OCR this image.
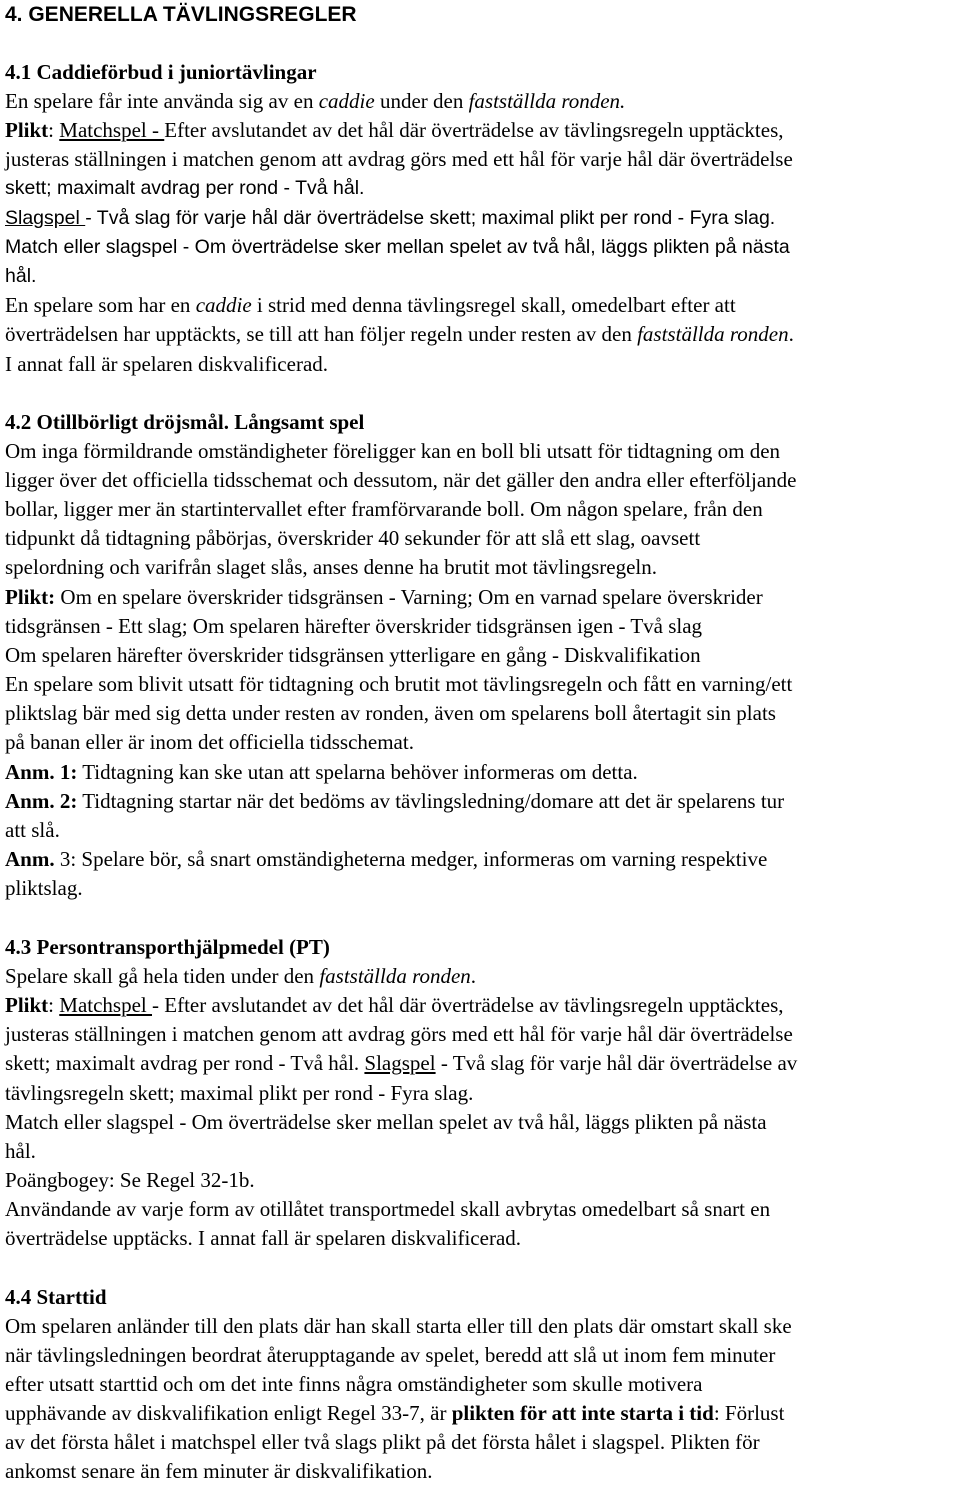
4. GENERELLA TÄVLINGSREGLER
4.1 Caddieförbud i juniortävlingar
En spelare får inte använda sig av en caddie under den fastställda ronden.
Plikt: Matchspel - Efter avslutandet av det hål där överträdelse av tävlingsregeln upptäcktes,
justeras ställningen i matchen genom att avdrag görs med ett hål för varje hål där överträdelse
skett; maximalt avdrag per rond - Två hål.
Slagspel - Två slag för varje hål där överträdelse skett; maximal plikt per rond - Fyra slag.
Match eller slagspel - Om överträdelse sker mellan spelet av två hål, läggs plikten på nästa
hål.
En spelare som har en caddie i strid med denna tävlingsregel skall, omedelbart efter att
överträdelsen har upptäckts, se till att han följer regeln under resten av den fastställda ronden.
I annat fall är spelaren diskvalificerad.
4.2 Otillbörligt dröjsmål. Långsamt spel
Om inga förmildrande omständigheter föreligger kan en boll bli utsatt för tidtagning om den
ligger över det officiella tidsschemat och dessutom, när det gäller den andra eller efterföljande
bollar, ligger mer än startintervallet efter framförvarande boll. Om någon spelare, från den
tidpunkt då tidtagning påbörjas, överskrider 40 sekunder för att slå ett slag, oavsett
spelordning och varifrån slaget slås, anses denne ha brutit mot tävlingsregeln.
Plikt: Om en spelare överskrider tidsgränsen - Varning; Om en varnad spelare överskrider
tidsgränsen - Ett slag; Om spelaren härefter överskrider tidsgränsen igen - Två slag
Om spelaren härefter överskrider tidsgränsen ytterligare en gång - Diskvalifikation
En spelare som blivit utsatt för tidtagning och brutit mot tävlingsregeln och fått en varning/ett
pliktslag bär med sig detta under resten av ronden, även om spelarens boll återtagit sin plats
på banan eller är inom det officiella tidsschemat.
Anm. 1: Tidtagning kan ske utan att spelarna behöver informeras om detta.
Anm. 2: Tidtagning startar när det bedöms av tävlingsledning/domare att det är spelarens tur
att slå.
Anm. 3: Spelare bör, så snart omständigheterna medger, informeras om varning respektive
pliktslag.
4.3 Persontransporthjälpmedel (PT)
Spelare skall gå hela tiden under den fastställda ronden.
Plikt: Matchspel - Efter avslutandet av det hål där överträdelse av tävlingsregeln upptäcktes,
justeras ställningen i matchen genom att avdrag görs med ett hål för varje hål där överträdelse
skett; maximalt avdrag per rond - Två hål. Slagspel - Två slag för varje hål där överträdelse av
tävlingsregeln skett; maximal plikt per rond - Fyra slag.
Match eller slagspel - Om överträdelse sker mellan spelet av två hål, läggs plikten på nästa
hål.
Poängbogey: Se Regel 32-1b.
Användande av varje form av otillåtet transportmedel skall avbrytas omedelbart så snart en
överträdelse upptäcks. I annat fall är spelaren diskvalificerad.
4.4 Starttid
Om spelaren anländer till den plats där han skall starta eller till den plats där omstart skall ske
när tävlingsledningen beordrat återupptagande av spelet, beredd att slå ut inom fem minuter
efter utsatt starttid och om det inte finns några omständigheter som skulle motivera
upphävande av diskvalifikation enligt Regel 33-7, är plikten för att inte starta i tid: Förlust
av det första hålet i matchspel eller två slags plikt på det första hålet i slagspel. Plikten för
ankomst senare än fem minuter är diskvalifikation.
